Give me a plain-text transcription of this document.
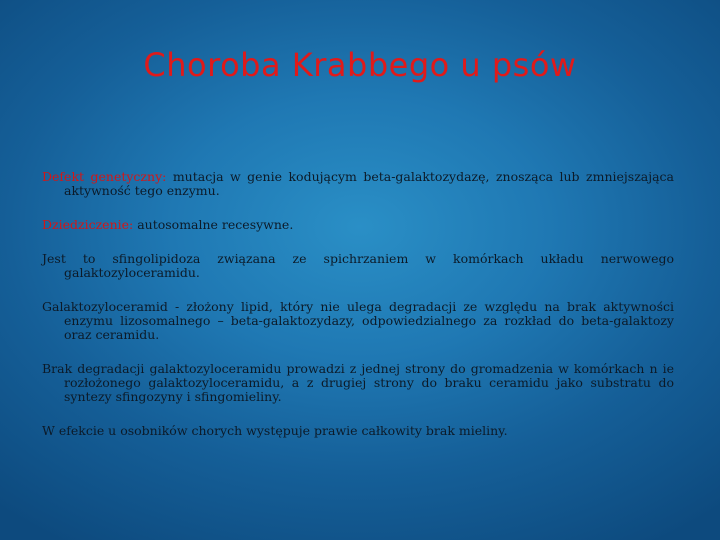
Choroba Krabbego u psów

Defekt genetyczny: mutacja w genie kodującym beta-galaktozydazę, znosząca lub zmniejszająca aktywność tego enzymu.

Dziedziczenie: autosomalne recesywne.

Jest to sfingolipidoza związana ze spichrzaniem w komórkach układu nerwowego galaktozyloceramidu.

Galaktozyloceramid - złożony lipid, który nie ulega degradacji ze względu na brak aktywności enzymu lizosomalnego – beta-galaktozydazy, odpowiedzialnego za rozkład do beta-galaktozy oraz ceramidu.

Brak degradacji galaktozyloceramidu prowadzi z jednej strony do gromadzenia w komórkach n ie rozłożonego galaktozyloceramidu, a z drugiej strony do braku ceramidu jako substratu do syntezy sfingozyny i sfingomieliny.

W efekcie u osobników chorych występuje prawie całkowity brak mieliny.
